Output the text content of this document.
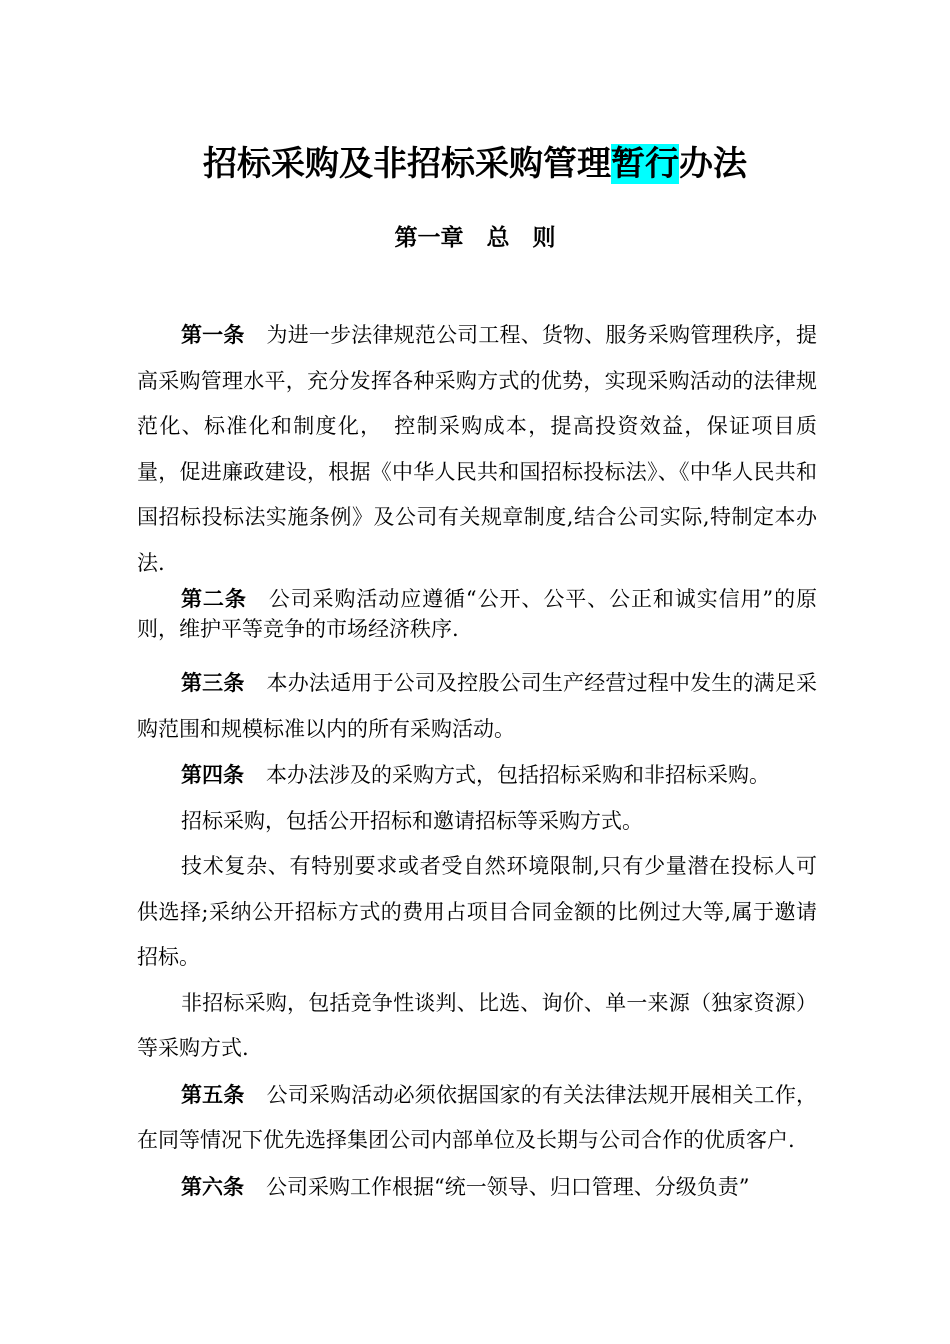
招标采购及非招标采购管理暂行办法
第一章　总　则

第一条 为进一步法律规范公司工程、货物、服务采购管理秩序，提高采购管理水平，充分发挥各种采购方式的优势，实现采购活动的法律规范化、标准化和制度化，　控制采购成本，提高投资效益，保证项目质量，促进廉政建设，根据《中华人民共和国招标投标法》、《中华人民共和国招标投标法实施条例》及公司有关规章制度,结合公司实际,特制定本办法.

第二条 公司采购活动应遵循“公开、公平、公正和诚实信用”的原则，维护平等竞争的市场经济秩序.

第三条 本办法适用于公司及控股公司生产经营过程中发生的满足采购范围和规模标准以内的所有采购活动。

第四条 本办法涉及的采购方式，包括招标采购和非招标采购。

招标采购，包括公开招标和邀请招标等采购方式。

技术复杂、有特别要求或者受自然环境限制,只有少量潜在投标人可供选择;采纳公开招标方式的费用占项目合同金额的比例过大等,属于邀请招标。

非招标采购，包括竞争性谈判、比选、询价、单一来源（独家资源）等采购方式.

第五条 公司采购活动必须依据国家的有关法律法规开展相关工作，在同等情况下优先选择集团公司内部单位及长期与公司合作的优质客户.

第六条 公司采购工作根据“统一领导、归口管理、分级负责”
